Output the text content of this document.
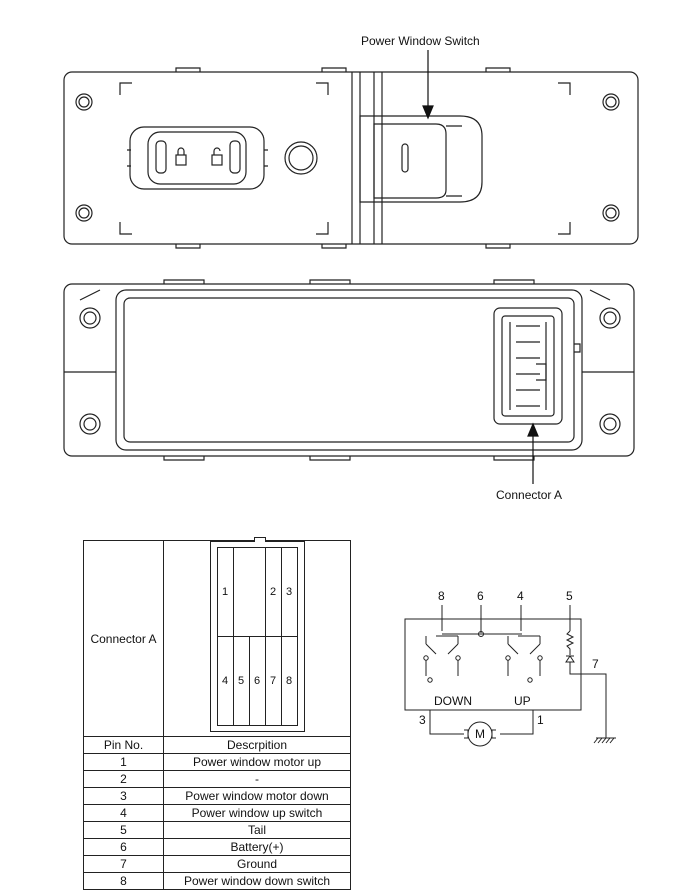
Power Window Switch
Connector A
8	6	4	5
7
3	1
DOWN	UP
M
Connector A	
1		2	3
4	5	6	7	8

Pin No.	Descrpition
1	Power window motor up
2	-
3	Power window motor down
4	Power window up switch
5	Tail
6	Battery(+)
7	Ground
8	Power window down switch
